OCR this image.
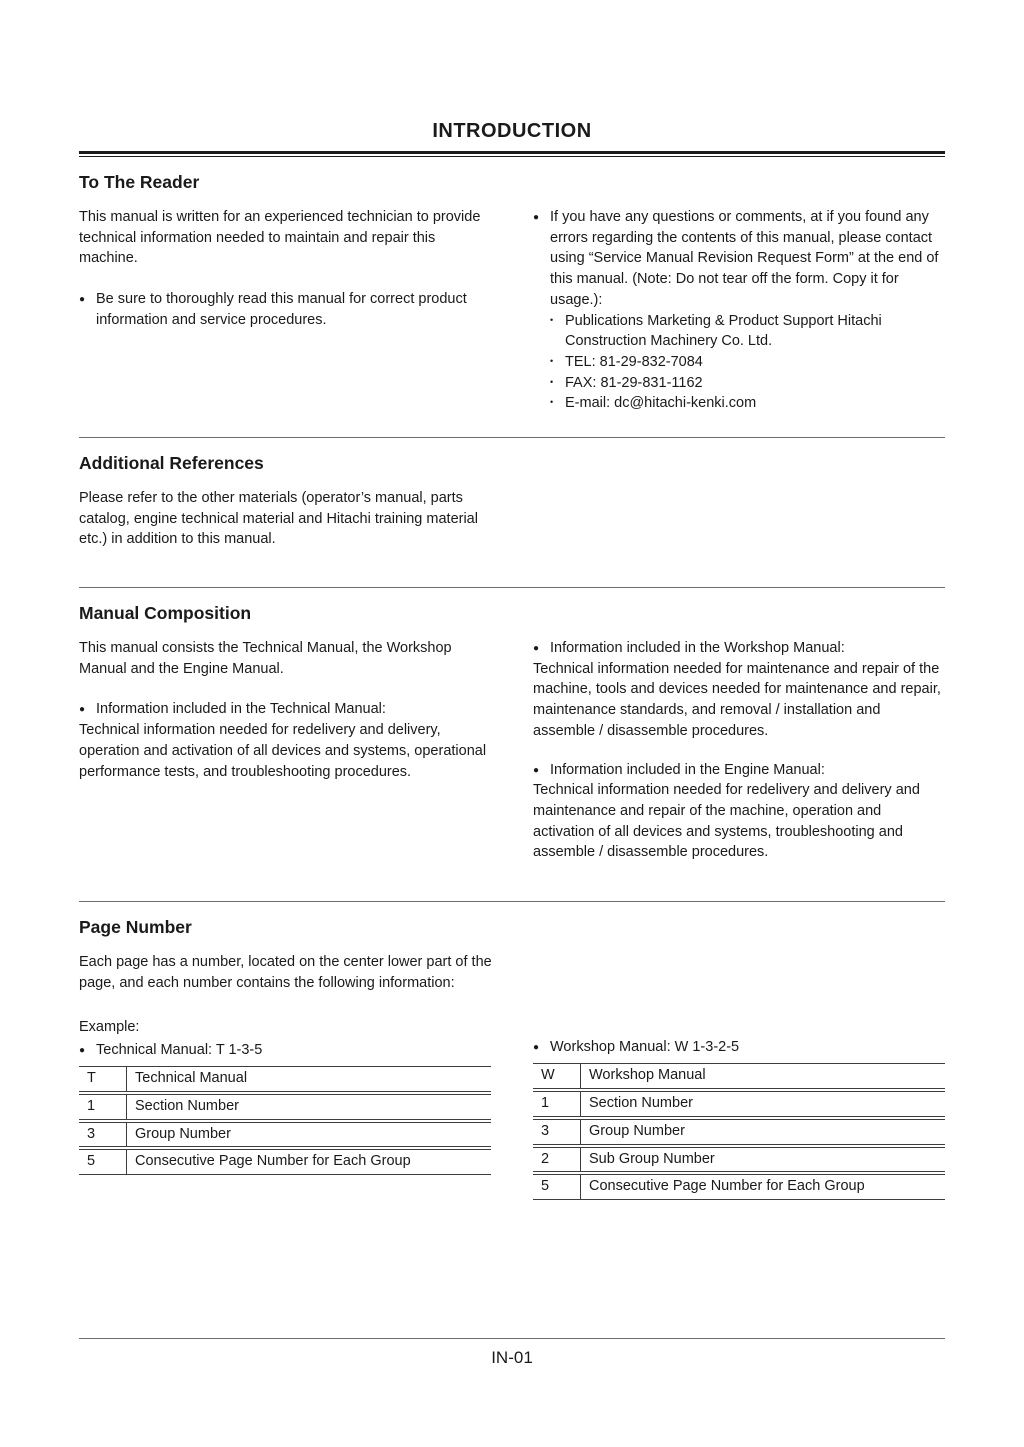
INTRODUCTION
To The Reader

This manual is written for an experienced technician to provide technical information needed to maintain and repair this machine.

● Be sure to thoroughly read this manual for correct product information and service procedures.
● If you have any questions or comments, at if you found any errors regarding the contents of this manual, please contact using “Service Manual Revision Request Form” at the end of this manual. (Note: Do not tear off the form. Copy it for usage.):
• Publications Marketing & Product Support Hitachi Construction Machinery Co. Ltd.
• TEL: 81-29-832-7084
• FAX: 81-29-831-1162
• E-mail: dc@hitachi-kenki.com
Additional References

Please refer to the other materials (operator’s manual, parts catalog, engine technical material and Hitachi training material etc.) in addition to this manual.

Manual Composition

This manual consists the Technical Manual, the Workshop Manual and the Engine Manual.

● Information included in the Technical Manual:

Technical information needed for redelivery and delivery, operation and activation of all devices and systems, operational performance tests, and troubleshooting procedures.

● Information included in the Workshop Manual:

Technical information needed for maintenance and repair of the machine, tools and devices needed for maintenance and repair, maintenance standards, and removal / installation and assemble / disassemble procedures.

● Information included in the Engine Manual:

Technical information needed for redelivery and delivery and maintenance and repair of the machine, operation and activation of all devices and systems, troubleshooting and assemble / disassemble procedures.

Page Number

Each page has a number, located on the center lower part of the page, and each number contains the following information:

Example:

● Technical Manual: T 1-3-5
T	Technical Manual
1	Section Number
3	Group Number
5	Consecutive Page Number for Each Group
● Workshop Manual: W 1-3-2-5
W	Workshop Manual
1	Section Number
3	Group Number
2	Sub Group Number
5	Consecutive Page Number for Each Group
IN-01
